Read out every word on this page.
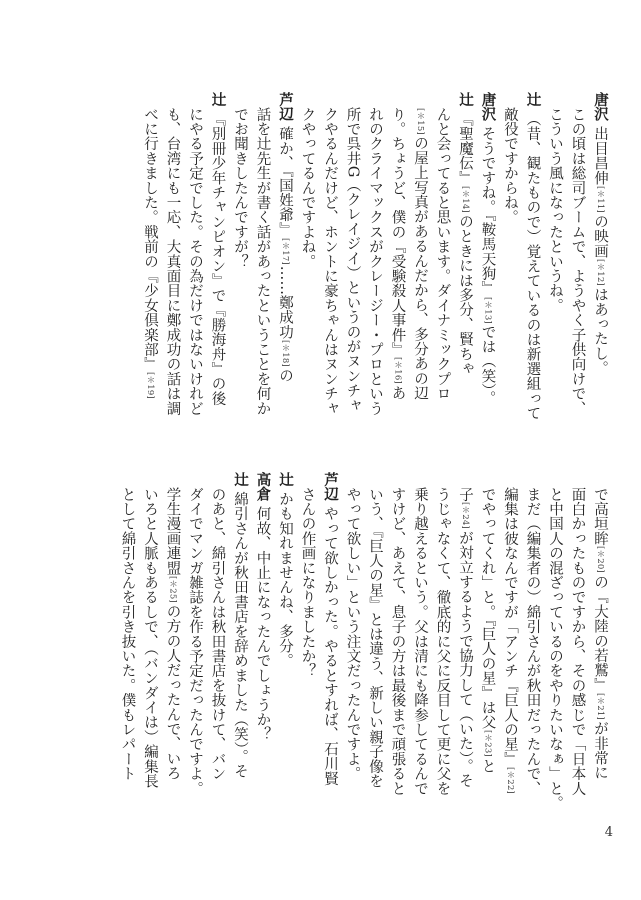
唐沢出目昌伸[＊11]の映画[＊12]はあったし。
この頃は総司ブームで、ようやく子供向けで、
こういう風になったというね。
辻（昔、観たもので）覚えているのは新選組って
敵役ですからね。
唐沢そうですね。『鞍馬天狗』[＊13]では（笑）。
辻『聖魔伝』[＊14]のときには多分、賢ちゃ
んと会ってると思います。ダイナミックプロ
[＊15]の屋上写真があるんだから、多分あの辺
り。ちょうど、僕の『受験殺人事件』[＊16]あ
れのクライマックスがクレージー・プロという
所で呉井G（クレイジイ）というのがヌンチャ
クやるんだけど、ホントに豪ちゃんはヌンチャ
クやってるんですよね。
芦辺確か、『国姓爺』[＊17]……鄭成功[＊18]の
話を辻先生が書く話があったということを何か
でお聞きしたんですが？
辻『別冊少年チャンピオン』で『勝海舟』の後
にやる予定でした。その為だけではないけれど
も、台湾にも一応、大真面目に鄭成功の話は調
べに行きました。戦前の『少女倶楽部』[＊19]
で高垣眸[＊20]の『大陸の若鷲』[＊21]が非常に
面白かったものですから、その感じで「日本人
と中国人の混ざっているのをやりたいなぁ」と。
まだ（編集者の）綿引さんが秋田だったんで、
編集は彼なんですが「アンチ『巨人の星』[＊22]
でやってくれ」と。『巨人の星』は父[＊23]と
子[＊24]が対立するようで協力して（いた）。そ
うじゃなくて、徹底的に父に反目して更に父を
乗り越えるという。父は清にも降参してるんで
すけど、あえて、息子の方は最後まで頑張ると
いう、『巨人の星』とは違う、新しい親子像を
やって欲しい」という注文だったんですよ。
芦辺やって欲しかった。やるとすれば、石川賢
さんの作画になりましたか？
辻かも知れませんね、多分。
高倉何故、中止になったんでしょうか？
辻綿引さんが秋田書店を辞めました（笑）。そ
のあと、綿引さんは秋田書店を抜けて、バン
ダイでマンガ雑誌を作る予定だったんですよ。
学生漫画連盟[＊25]の方の人だったんで、いろ
いろと人脈もあるしで、（バンダイは）編集長
として綿引さんを引き抜いた。僕もレパート
4
